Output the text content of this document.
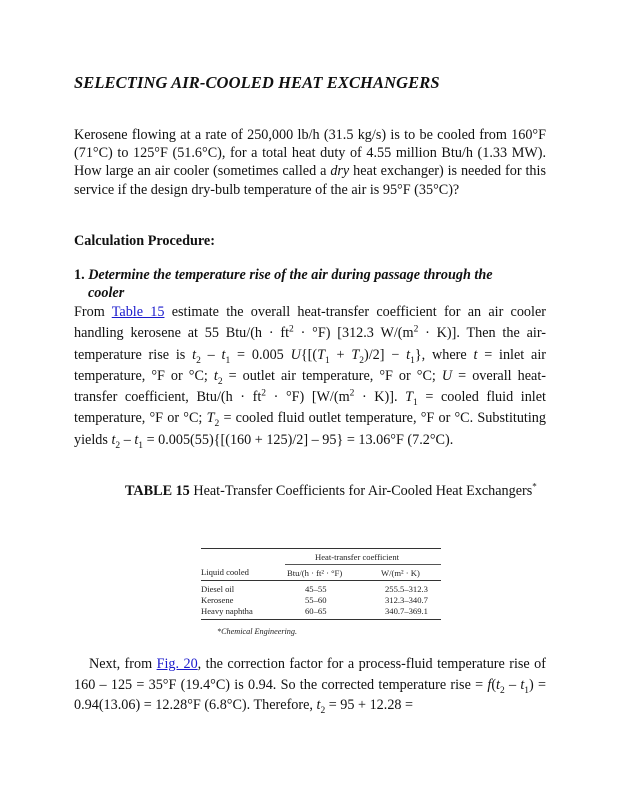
SELECTING AIR-COOLED HEAT EXCHANGERS
Kerosene flowing at a rate of 250,000 lb/h (31.5 kg/s) is to be cooled from 160°F (71°C) to 125°F (51.6°C), for a total heat duty of 4.55 million Btu/h (1.33 MW). How large an air cooler (sometimes called a dry heat exchanger) is needed for this service if the design dry-bulb temperature of the air is 95°F (35°C)?
Calculation Procedure:
1. Determine the temperature rise of the air during passage through the
cooler
From Table 15 estimate the overall heat-transfer coefficient for an air cooler handling kerosene at 55 $Btu/(h \cdot ft^2 \cdot ^\circ F)$ [312.3 $W/(m^2 \cdot K)$]. Then the air-temperature rise is $t_2 - t_1 = 0.005$ $U\{[(T_1 + T_2)/2] - t_1\}$, where t = inlet air temperature, °F or °C; $t_2$ = outlet air temperature, °F or °C; U = overall heat-transfer coefficient, $Btu/(h \cdot ft^2 \cdot ^\circ F)$ $[W/(m^2 \cdot K)]$. $T_1$ = cooled fluid inlet temperature, °F or °C; $T_2$ = cooled fluid outlet temperature, °F or °C. Substituting yields $t_2 - t_1 = 0.005(55)\{[(160 + 125)/2] - 95\} = 13.06^\circ F$ (7.2°C).
TABLE 15 Heat-Transfer Coefficients for Air-Cooled Heat Exchangers*
Heat-transfer coefficient
Liquid cooled	Btu/(h · ft² · °F)	W/(m² · K)
Diesel oil	45–55	255.5–312.3
Kerosene	55–60	312.3–340.7
Heavy naphtha	60–65	340.7–369.1
*Chemical Engineering.
Next, from Fig. 20, the correction factor for a process-fluid temperature rise of 160 – 125 = 35°F (19.4°C) is 0.94. So the corrected temperature rise = $f(t_2 - t_1) = 0.94(13.06) = 12.28^\circ F$ (6.8°C). Therefore, $t_2 = 95 + 12.28$ =
